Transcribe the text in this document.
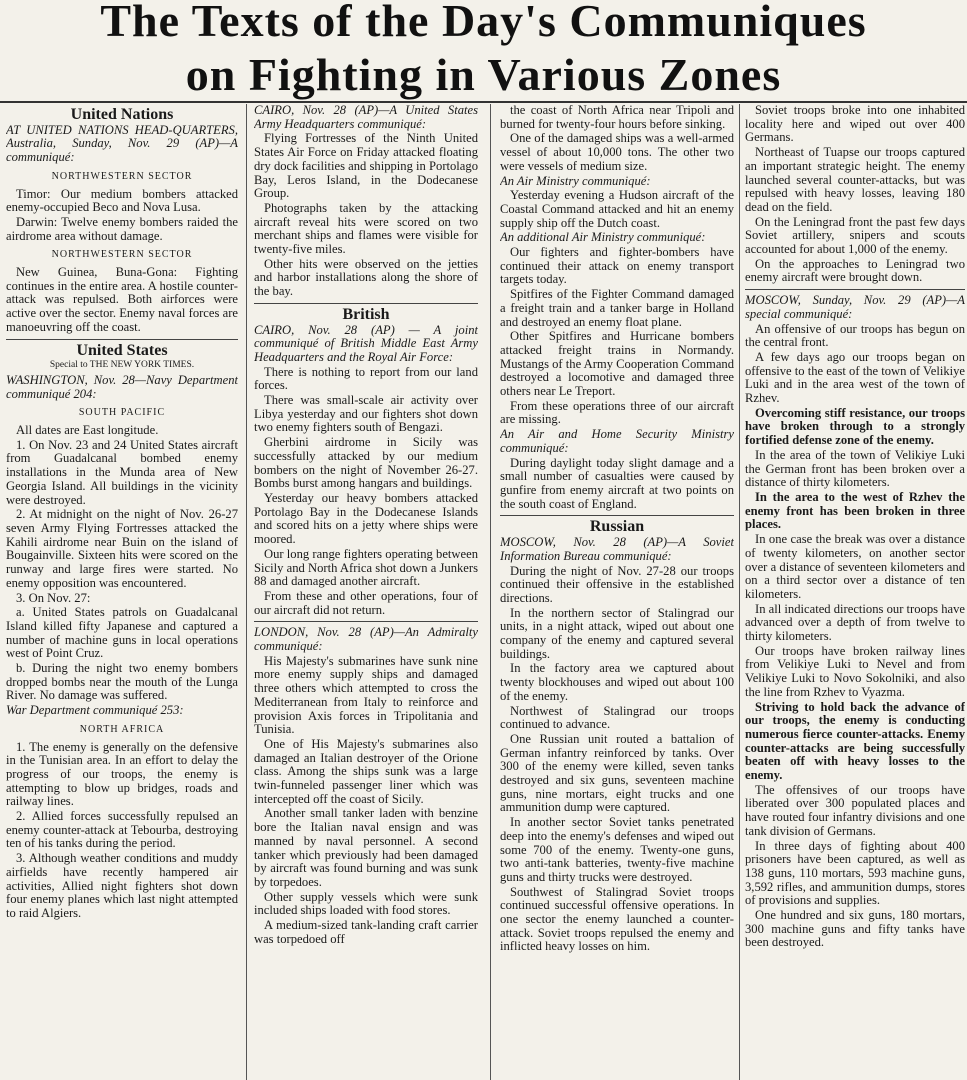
The Texts of the Day's Communiques
on Fighting in Various Zones
United Nations

AT UNITED NATIONS HEAD-QUARTERS, Australia, Sunday, Nov. 29 (AP)—A communiqué:

NORTHWESTERN SECTOR

Timor: Our medium bombers attacked enemy-occupied Beco and Nova Lusa.

Darwin: Twelve enemy bombers raided the airdrome area without damage.

NORTHWESTERN SECTOR

New Guinea, Buna-Gona: Fighting continues in the entire area. A hostile counter-attack was repulsed. Both airforces were active over the sector. Enemy naval forces are manoeuvring off the coast.

United States
Special to THE NEW YORK TIMES.

WASHINGTON, Nov. 28—Navy Department communiqué 204:

SOUTH PACIFIC

All dates are East longitude.

1. On Nov. 23 and 24 United States aircraft from Guadalcanal bombed enemy installations in the Munda area of New Georgia Island. All buildings in the vicinity were destroyed.

2. At midnight on the night of Nov. 26-27 seven Army Flying Fortresses attacked the Kahili airdrome near Buin on the island of Bougainville. Sixteen hits were scored on the runway and large fires were started. No enemy opposition was encountered.

3. On Nov. 27:

a. United States patrols on Guadalcanal Island killed fifty Japanese and captured a number of machine guns in local operations west of Point Cruz.

b. During the night two enemy bombers dropped bombs near the mouth of the Lunga River. No damage was suffered.

War Department communiqué 253:

NORTH AFRICA

1. The enemy is generally on the defensive in the Tunisian area. In an effort to delay the progress of our troops, the enemy is attempting to blow up bridges, roads and railway lines.

2. Allied forces successfully repulsed an enemy counter-attack at Tebourba, destroying ten of his tanks during the period.

3. Although weather conditions and muddy airfields have recently hampered air activities, Allied night fighters shot down four enemy planes which last night attempted to raid Algiers.

CAIRO, Nov. 28 (AP)—A United States Army Headquarters communiqué:

Flying Fortresses of the Ninth United States Air Force on Friday attacked floating dry dock facilities and shipping in Portolago Bay, Leros Island, in the Dodecanese Group.

Photographs taken by the attacking aircraft reveal hits were scored on two merchant ships and flames were visible for twenty-five miles.

Other hits were observed on the jetties and harbor installations along the shore of the bay.

British

CAIRO, Nov. 28 (AP) — A joint communiqué of British Middle East Army Headquarters and the Royal Air Force:

There is nothing to report from our land forces.

There was small-scale air activity over Libya yesterday and our fighters shot down two enemy fighters south of Bengazi.

Gherbini airdrome in Sicily was successfully attacked by our medium bombers on the night of November 26-27. Bombs burst among hangars and buildings.

Yesterday our heavy bombers attacked Portolago Bay in the Dodecanese Islands and scored hits on a jetty where ships were moored.

Our long range fighters operating between Sicily and North Africa shot down a Junkers 88 and damaged another aircraft.

From these and other operations, four of our aircraft did not return.

LONDON, Nov. 28 (AP)—An Admiralty communiqué:

His Majesty's submarines have sunk nine more enemy supply ships and damaged three others which attempted to cross the Mediterranean from Italy to reinforce and provision Axis forces in Tripolitania and Tunisia.

One of His Majesty's submarines also damaged an Italian destroyer of the Orione class. Among the ships sunk was a large twin-funneled passenger liner which was intercepted off the coast of Sicily.

Another small tanker laden with benzine bore the Italian naval ensign and was manned by naval personnel. A second tanker which previously had been damaged by aircraft was found burning and was sunk by torpedoes.

Other supply vessels which were sunk included ships loaded with food stores.

A medium-sized tank-landing craft carrier was torpedoed off

the coast of North Africa near Tripoli and burned for twenty-four hours before sinking.

One of the damaged ships was a well-armed vessel of about 10,000 tons. The other two were vessels of medium size.

An Air Ministry communiqué:

Yesterday evening a Hudson aircraft of the Coastal Command attacked and hit an enemy supply ship off the Dutch coast.

An additional Air Ministry communiqué:

Our fighters and fighter-bombers have continued their attack on enemy transport targets today.

Spitfires of the Fighter Command damaged a freight train and a tanker barge in Holland and destroyed an enemy float plane.

Other Spitfires and Hurricane bombers attacked freight trains in Normandy. Mustangs of the Army Cooperation Command destroyed a locomotive and damaged three others near Le Treport.

From these operations three of our aircraft are missing.

An Air and Home Security Ministry communiqué:

During daylight today slight damage and a small number of casualties were caused by gunfire from enemy aircraft at two points on the south coast of England.

Russian

MOSCOW, Nov. 28 (AP)—A Soviet Information Bureau communiqué:

During the night of Nov. 27-28 our troops continued their offensive in the established directions.

In the northern sector of Stalingrad our units, in a night attack, wiped out about one company of the enemy and captured several buildings.

In the factory area we captured about twenty blockhouses and wiped out about 100 of the enemy.

Northwest of Stalingrad our troops continued to advance.

One Russian unit routed a battalion of German infantry reinforced by tanks. Over 300 of the enemy were killed, seven tanks destroyed and six guns, seventeen machine guns, nine mortars, eight trucks and one ammunition dump were captured.

In another sector Soviet tanks penetrated deep into the enemy's defenses and wiped out some 700 of the enemy. Twenty-one guns, two anti-tank batteries, twenty-five machine guns and thirty trucks were destroyed.

Southwest of Stalingrad Soviet troops continued successful offensive operations. In one sector the enemy launched a counter-attack. Soviet troops repulsed the enemy and inflicted heavy losses on him.

Soviet troops broke into one inhabited locality here and wiped out over 400 Germans.

Northeast of Tuapse our troops captured an important strategic height. The enemy launched several counter-attacks, but was repulsed with heavy losses, leaving 180 dead on the field.

On the Leningrad front the past few days Soviet artillery, snipers and scouts accounted for about 1,000 of the enemy.

On the approaches to Leningrad two enemy aircraft were brought down.

MOSCOW, Sunday, Nov. 29 (AP)—A special communiqué:

An offensive of our troops has begun on the central front.

A few days ago our troops began on offensive to the east of the town of Velikiye Luki and in the area west of the town of Rzhev.

Overcoming stiff resistance, our troops have broken through to a strongly fortified defense zone of the enemy.

In the area of the town of Velikiye Luki the German front has been broken over a distance of thirty kilometers.

In the area to the west of Rzhev the enemy front has been broken in three places.

In one case the break was over a distance of twenty kilometers, on another sector over a distance of seventeen kilometers and on a third sector over a distance of ten kilometers.

In all indicated directions our troops have advanced over a depth of from twelve to thirty kilometers.

Our troops have broken railway lines from Velikiye Luki to Nevel and from Velikiye Luki to Novo Sokolniki, and also the line from Rzhev to Vyazma.

Striving to hold back the advance of our troops, the enemy is conducting numerous fierce counter-attacks. Enemy counter-attacks are being successfully beaten off with heavy losses to the enemy.

The offensives of our troops have liberated over 300 populated places and have routed four infantry divisions and one tank division of Germans.

In three days of fighting about 400 prisoners have been captured, as well as 138 guns, 110 mortars, 593 machine guns, 3,592 rifles, and ammunition dumps, stores of provisions and supplies.

One hundred and six guns, 180 mortars, 300 machine guns and fifty tanks have been destroyed.
